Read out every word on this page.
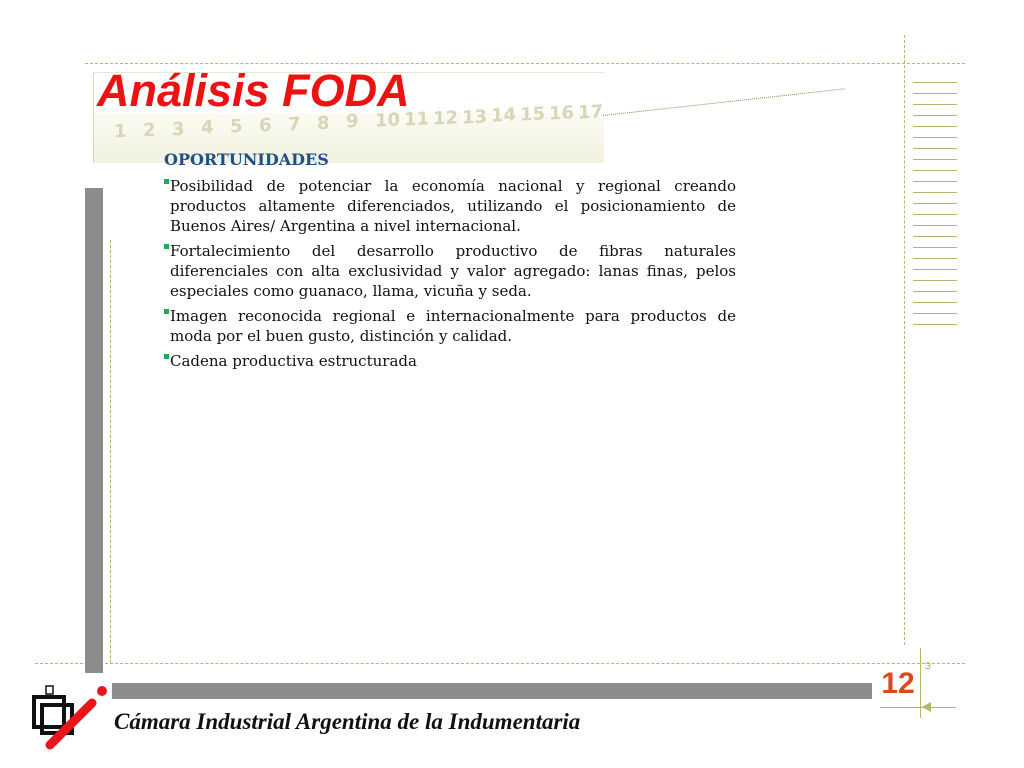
1 2 3 4 5 6 7 8 9 10 11 12 13 14 15 16 17
Análisis FODA
OPORTUNIDADES
Posibilidad de potenciar la economía nacional y regional creando productos altamente diferenciados, utilizando el posicionamiento de Buenos Aires/ Argentina a nivel internacional.
Fortalecimiento del desarrollo productivo de fibras naturales diferenciales con alta exclusividad y valor agregado: lanas finas, pelos especiales como guanaco, llama, vicuña y seda.
Imagen reconocida regional e internacionalmente para productos de moda por el buen gusto, distinción y calidad.
Cadena productiva estructurada
ω
12

Cámara Industrial Argentina de la Indumentaria
